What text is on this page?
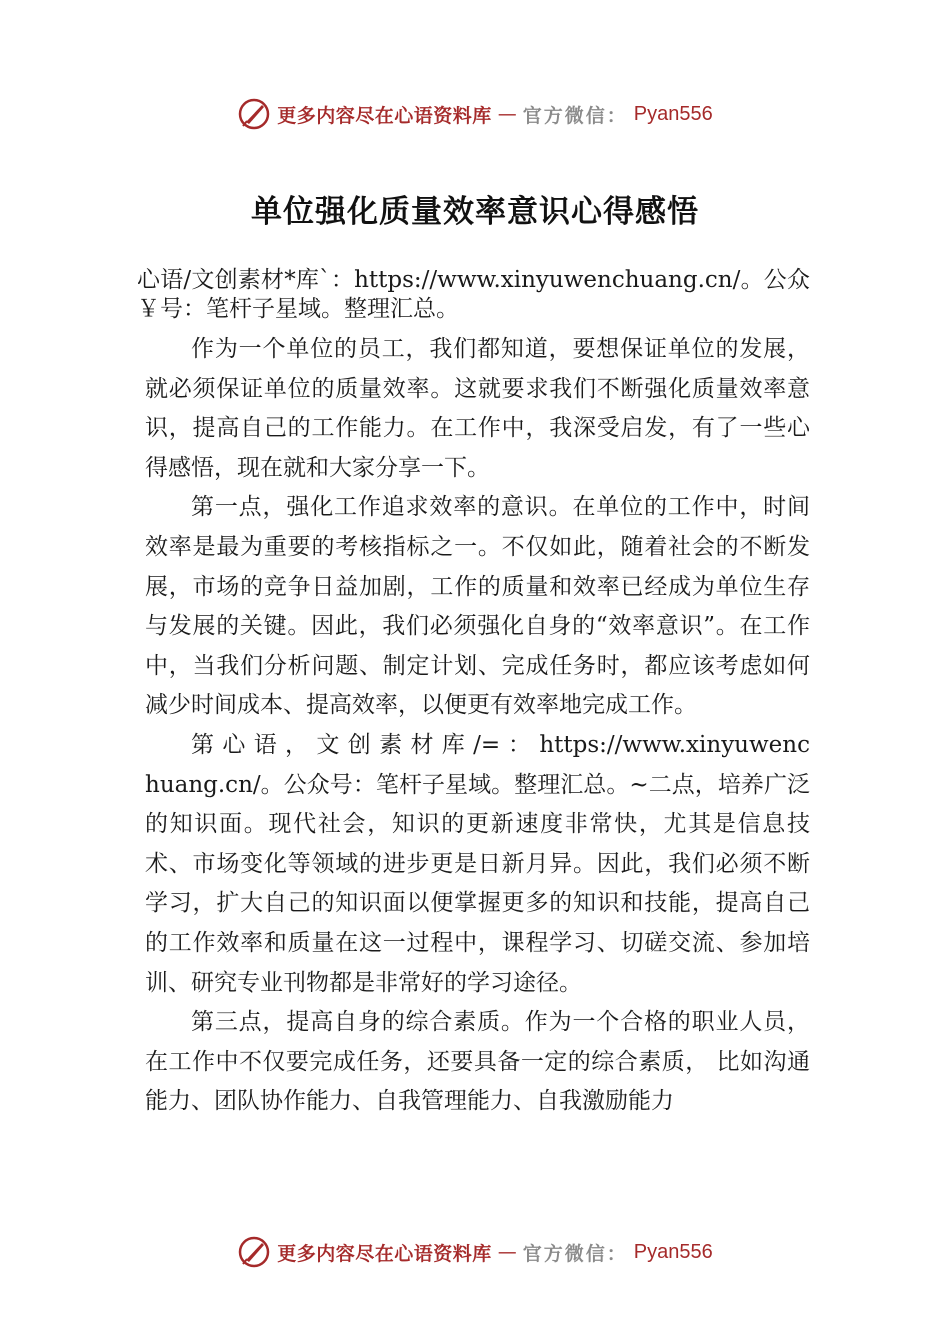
更多内容尽在心语资料库 — 官方微信： Pyan556
单位强化质量效率意识心得感悟

心语/文创素材*库`：https://www.xinyuwenchuang.cn/。公众￥号：笔杆子星域。整理汇总。

作为一个单位的员工，我们都知道，要想保证单位的发展，就必须保证单位的质量效率。这就要求我们不断强化质量效率意识，提高自己的工作能力。在工作中，我深受启发，有了一些心得感悟，现在就和大家分享一下。

第一点，强化工作追求效率的意识。在单位的工作中，时间效率是最为重要的考核指标之一。不仅如此，随着社会的不断发展，市场的竞争日益加剧，工作的质量和效率已经成为单位生存与发展的关键。因此，我们必须强化自身的“效率意识”。在工作中，当我们分析问题、制定计划、完成任务时，都应该考虑如何减少时间成本、提高效率，以便更有效率地完成工作。

第 心 语 ， 文 创 素 材 库 /= ： https://www.xinyuwenchuang.cn/。公众号：笔杆子星域。整理汇总。~二点，培养广泛的知识面。现代社会，知识的更新速度非常快，尤其是信息技术、市场变化等领域的进步更是日新月异。因此，我们必须不断学习，扩大自己的知识面以便掌握更多的知识和技能，提高自己的工作效率和质量在这一过程中，课程学习、切磋交流、参加培训、研究专业刊物都是非常好的学习途径。

第三点，提高自身的综合素质。作为一个合格的职业人员，在工作中不仅要完成任务，还要具备一定的综合素质， 比如沟通能力、团队协作能力、自我管理能力、自我激励能力

更多内容尽在心语资料库 — 官方微信： Pyan556
